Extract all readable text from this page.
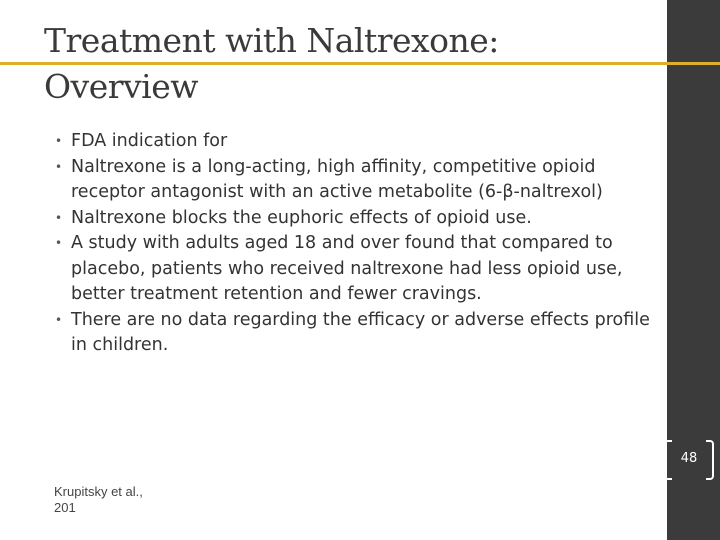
Treatment with Naltrexone:
Overview
• FDA indication for
• Naltrexone is a long-acting, high affinity, competitive opioid receptor antagonist with an active metabolite (6-β-naltrexol)
• Naltrexone blocks the euphoric effects of opioid use.
• A study with adults aged 18 and over found that compared to placebo, patients who received naltrexone had less opioid use, better treatment retention and fewer cravings.
• There are no data regarding the efficacy or adverse effects profile in children.
48
Krupitsky et al., 201
